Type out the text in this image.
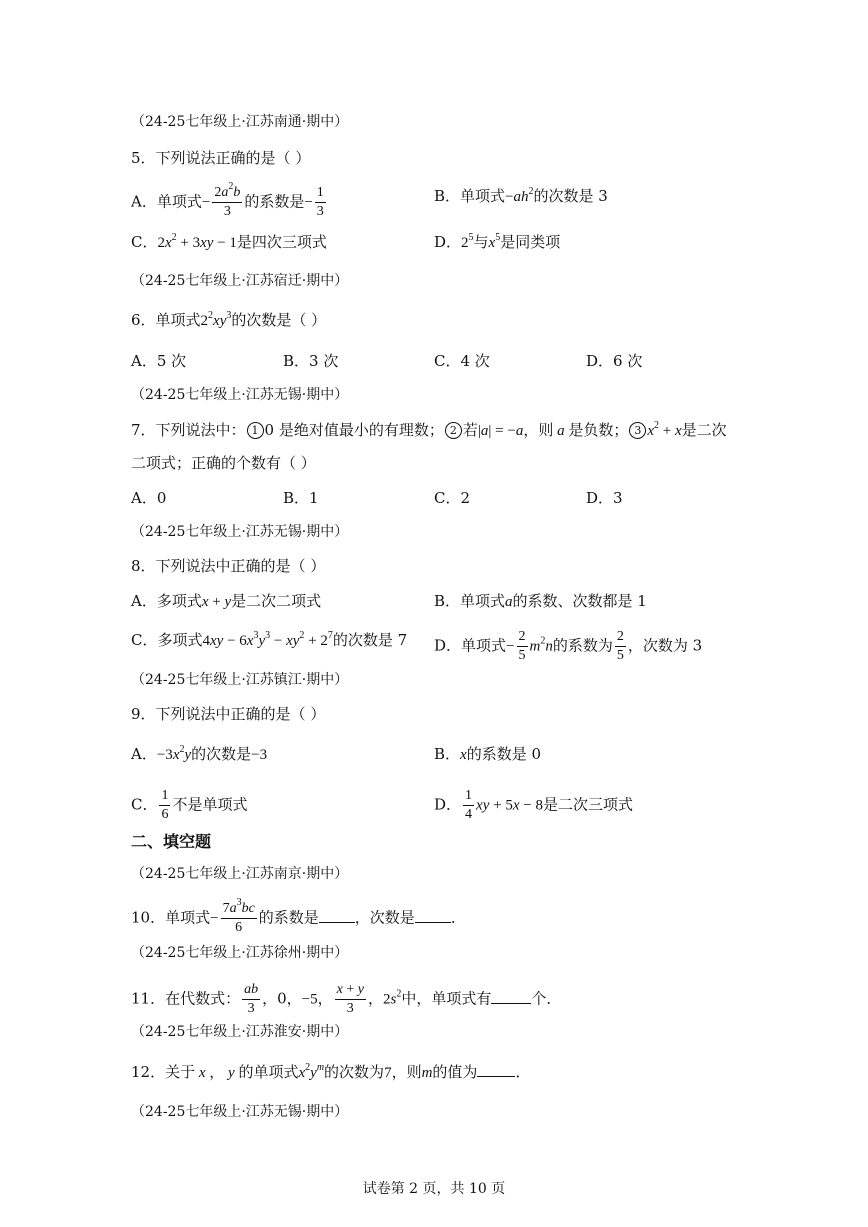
（24-25七年级上·江苏南通·期中）
5．下列说法正确的是（ ）
A．单项式− $\frac{2a^2b}{3}$ 的系数是− $\frac{1}{3}$	B．单项式$-ah^2$的次数是 3
C．$2x^2 + 3xy - 1$是四次三项式	D．$2^5$与$x^5$是同类项
（24-25七年级上·江苏宿迁·期中）
6．单项式$2^2xy^3$的次数是（ ）
A．5 次	B．3 次	C．4 次	D．6 次
（24-25七年级上·江苏无锡·期中）
7．下列说法中： 1 0 是绝对值最小的有理数； 2 若|a| = −a，则 a 是负数； 3 $x^2 + x$是二次
二项式；正确的个数有（ ）
A．0	B．1	C．2	D．3
（24-25七年级上·江苏无锡·期中）
8．下列说法中正确的是（ ）
A．多项式x + y是二次二项式	B．单项式a的系数、次数都是 1
C．多项式$4xy - 6x^3y^3 - xy^2 + 2^7$的次数是 7 D．单项式− $\frac{2}{5} m^2n$的系数为 $\frac{2}{5}$ ，次数为 3
（24-25七年级上·江苏镇江·期中）
9．下列说法中正确的是（ ）
A．$-3x^2y$的次数是−3	B．x的系数是 0
C． $\frac{1}{6}$ 不是单项式	D． $\frac{1}{4}$ xy + 5x − 8是二次三项式
二、填空题
（24-25七年级上·江苏南京·期中）
10．单项式− $\frac{7a^3bc}{6}$ 的系数是 ，次数是 ．
（24-25七年级上·江苏徐州·期中）
11．在代数式： $\frac{ab}{3}$ ，0，−5， $\frac{x + y}{3}$ ，$2s^2$中，单项式有	个．
（24-25七年级上·江苏淮安·期中）
12．关于 x ， y 的单项式$x^2y^m$的次数为7，则m的值为	．
（24-25七年级上·江苏无锡·期中）
试卷第 2 页，共 10 页
